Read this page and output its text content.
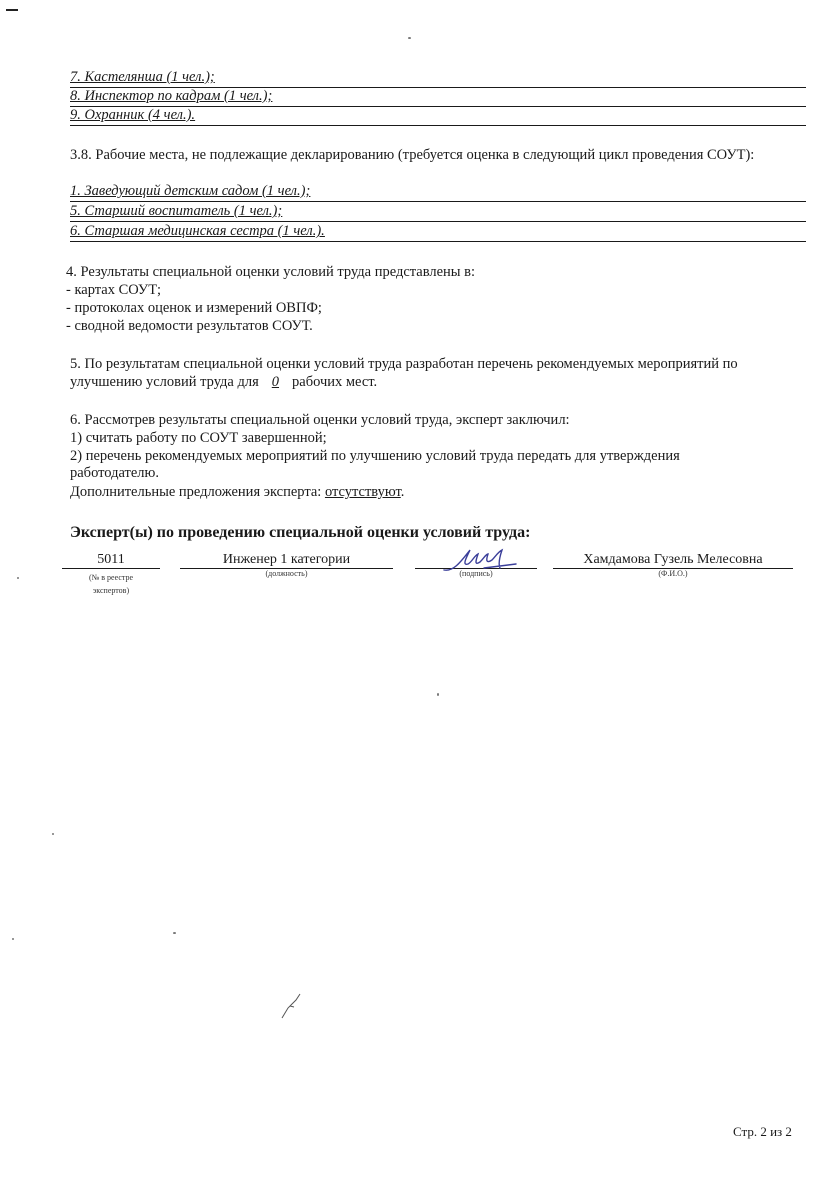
7. Кастелянша (1 чел.);
8. Инспектор по кадрам (1 чел.);
9. Охранник (4 чел.).
3.8. Рабочие места, не подлежащие декларированию (требуется оценка в следующий цикл проведения СОУТ):
1. Заведующий детским садом (1 чел.);
5. Старший воспитатель (1 чел.);
6. Старшая медицинская сестра (1 чел.).
4. Результаты специальной оценки условий труда представлены в:
- картах СОУТ;
- протоколах оценок и измерений ОВПФ;
- сводной ведомости результатов СОУТ.
5. По результатам специальной оценки условий труда разработан перечень рекомендуемых мероприятий по
улучшению условий труда для 0 рабочих мест.
6. Рассмотрев результаты специальной оценки условий труда, эксперт заключил:
1) считать работу по СОУТ завершенной;
2) перечень рекомендуемых мероприятий по улучшению условий труда передать для утверждения работодателю.
Дополнительные предложения эксперта: отсутствуют.
Эксперт(ы) по проведению специальной оценки условий труда:
5011
(№ в реестре экспертов)
Инженер 1 категории
(должность)	(подпись)
Хамдамова Гузель Мелесовна
(Ф.И.О.)
Стр. 2 из 2
